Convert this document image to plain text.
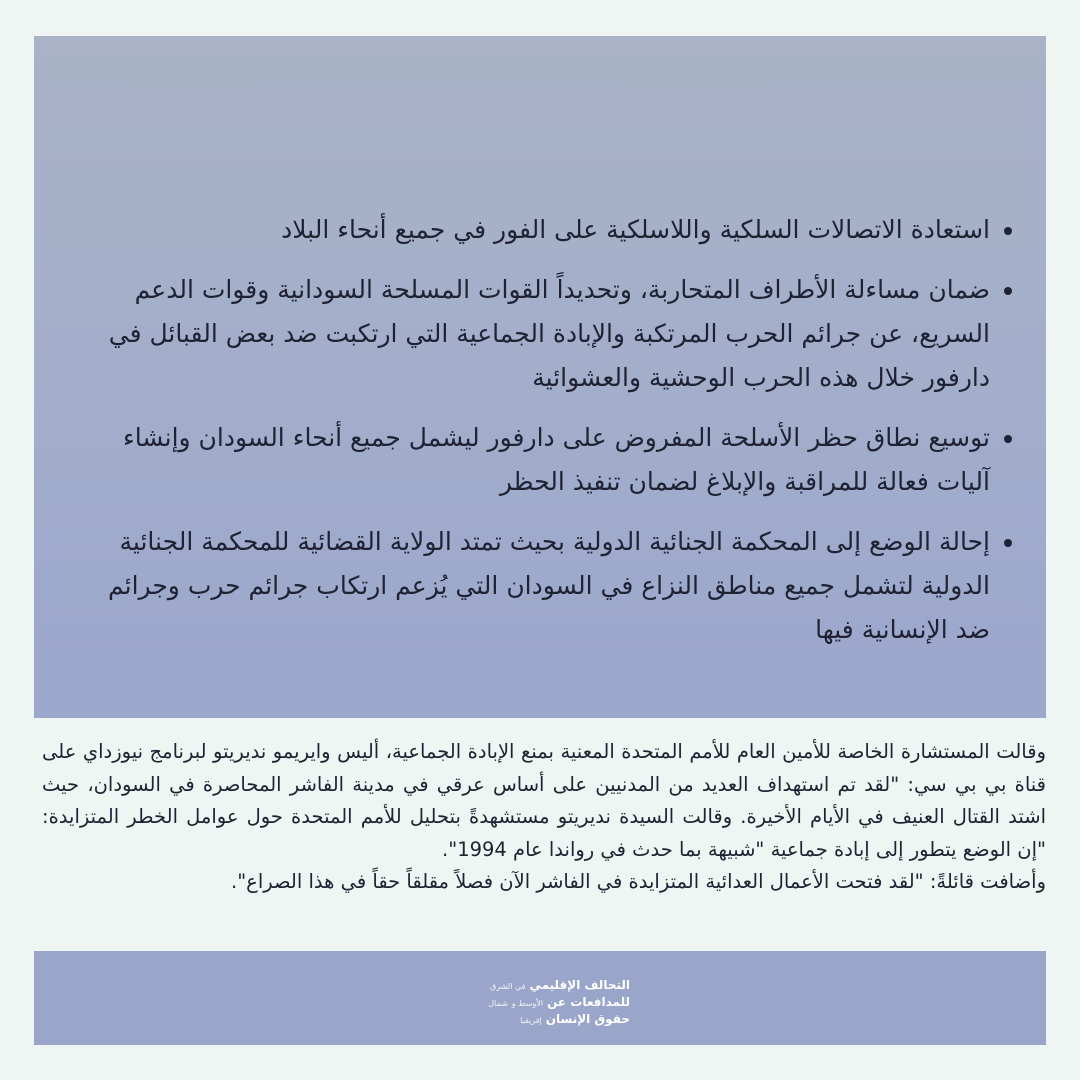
استعادة الاتصالات السلكية واللاسلكية على الفور في جميع أنحاء البلاد
ضمان مساءلة الأطراف المتحاربة، وتحديداً القوات المسلحة السودانية وقوات الدعم السريع، عن جرائم الحرب المرتكبة والإبادة الجماعية التي ارتكبت ضد بعض القبائل في دارفور خلال هذه الحرب الوحشية والعشوائية
توسيع نطاق حظر الأسلحة المفروض على دارفور ليشمل جميع أنحاء السودان وإنشاء آليات فعالة للمراقبة والإبلاغ لضمان تنفيذ الحظر
إحالة الوضع إلى المحكمة الجنائية الدولية بحيث تمتد الولاية القضائية للمحكمة الجنائية الدولية لتشمل جميع مناطق النزاع في السودان التي يُزعم ارتكاب جرائم حرب وجرائم ضد الإنسانية فيها

وقالت المستشارة الخاصة للأمين العام للأمم المتحدة المعنية بمنع الإبادة الجماعية، أليس وايريمو نديريتو لبرنامج نيوزداي على قناة بي بي سي: "لقد تم استهداف العديد من المدنيين على أساس عرقي في مدينة الفاشر المحاصرة في السودان، حيث اشتد القتال العنيف في الأيام الأخيرة. وقالت السيدة نديريتو مستشهدةً بتحليل للأمم المتحدة حول عوامل الخطر المتزايدة: "إن الوضع يتطور إلى إبادة جماعية "شبيهة بما حدث في رواندا عام 1994".

وأضافت قائلةً: "لقد فتحت الأعمال العدائية المتزايدة في الفاشر الآن فصلاً مقلقاً حقاً في هذا الصراع".

التحالف الإقليمي
في الشرق
للمدافعات عن
الأوسط و
شمال
حقوق الإنسان
إفريقيا
